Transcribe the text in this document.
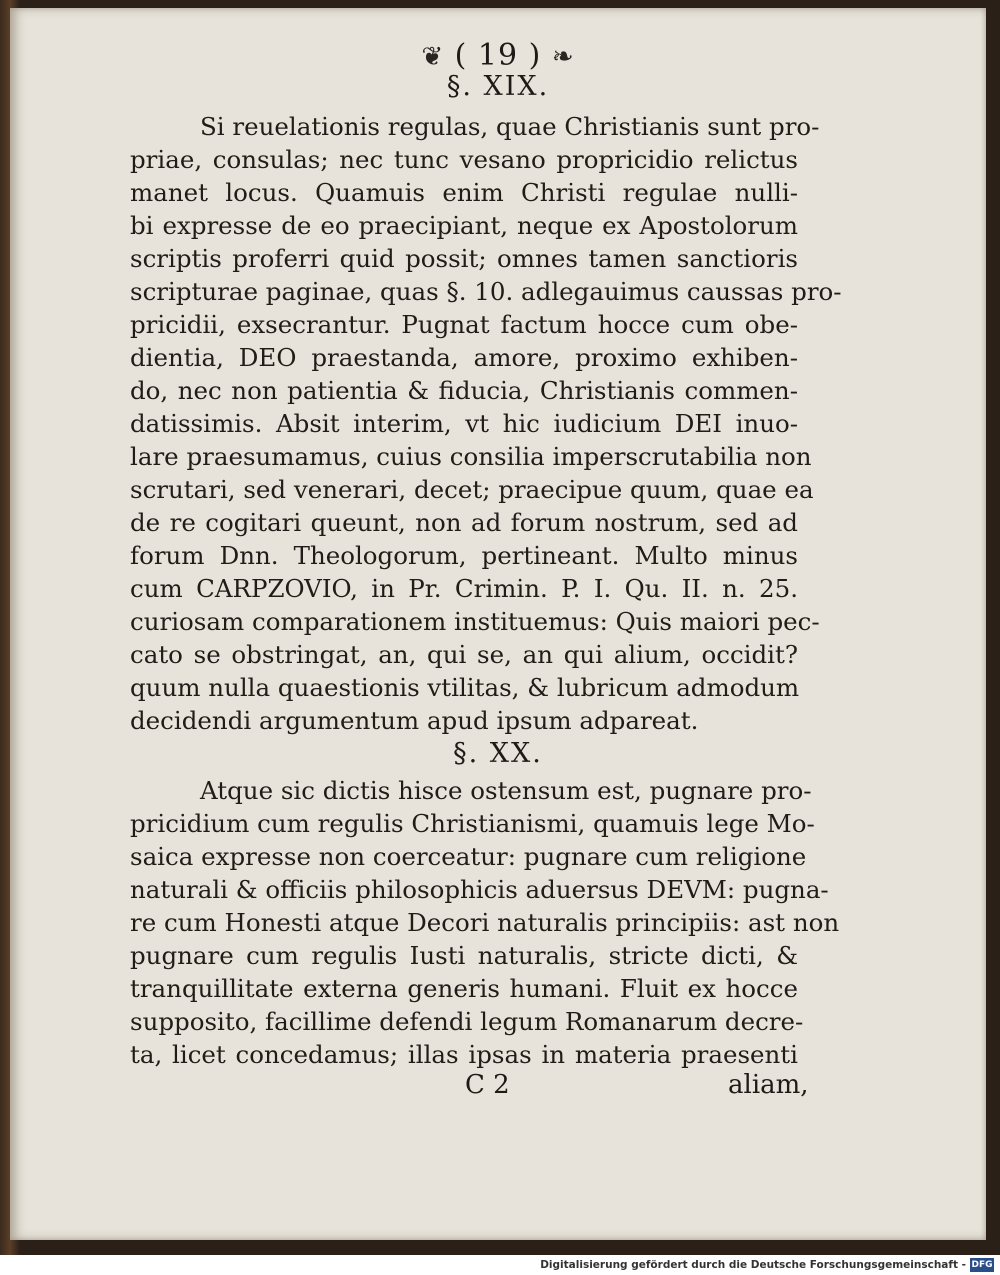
❦ ( 19 ) ❧
§. XIX.
Si reuelationis regulas, quae Christianis sunt pro-
priae, consulas; nec tunc vesano propricidio relictus
manet locus. Quamuis enim Christi regulae nulli-
bi expresse de eo praecipiant, neque ex Apostolorum
scriptis proferri quid possit; omnes tamen sanctioris
scripturae paginae, quas §. 10. adlegauimus caussas pro-
pricidii, exsecrantur. Pugnat factum hocce cum obe-
dientia, DEO praestanda, amore, proximo exhiben-
do, nec non patientia & fiducia, Christianis commen-
datissimis. Absit interim, vt hic iudicium DEI inuo-
lare praesumamus, cuius consilia imperscrutabilia non
scrutari, sed venerari, decet; praecipue quum, quae ea
de re cogitari queunt, non ad forum nostrum, sed ad
forum Dnn. Theologorum, pertineant. Multo minus
cum CARPZOVIO, in Pr. Crimin. P. I. Qu. II. n. 25.
curiosam comparationem instituemus: Quis maiori pec-
cato se obstringat, an, qui se, an qui alium, occidit?
quum nulla quaestionis vtilitas, & lubricum admodum
decidendi argumentum apud ipsum adpareat.
§. XX.
Atque sic dictis hisce ostensum est, pugnare pro-
pricidium cum regulis Christianismi, quamuis lege Mo-
saica expresse non coerceatur: pugnare cum religione
naturali & officiis philosophicis aduersus DEVM: pugna-
re cum Honesti atque Decori naturalis principiis: ast non
pugnare cum regulis Iusti naturalis, stricte dicti, &
tranquillitate externa generis humani. Fluit ex hocce
supposito, facillime defendi legum Romanarum decre-
ta, licet concedamus; illas ipsas in materia praesenti
C 2	aliam,
Digitalisierung gefördert durch die Deutsche Forschungsgemeinschaft - DFG
